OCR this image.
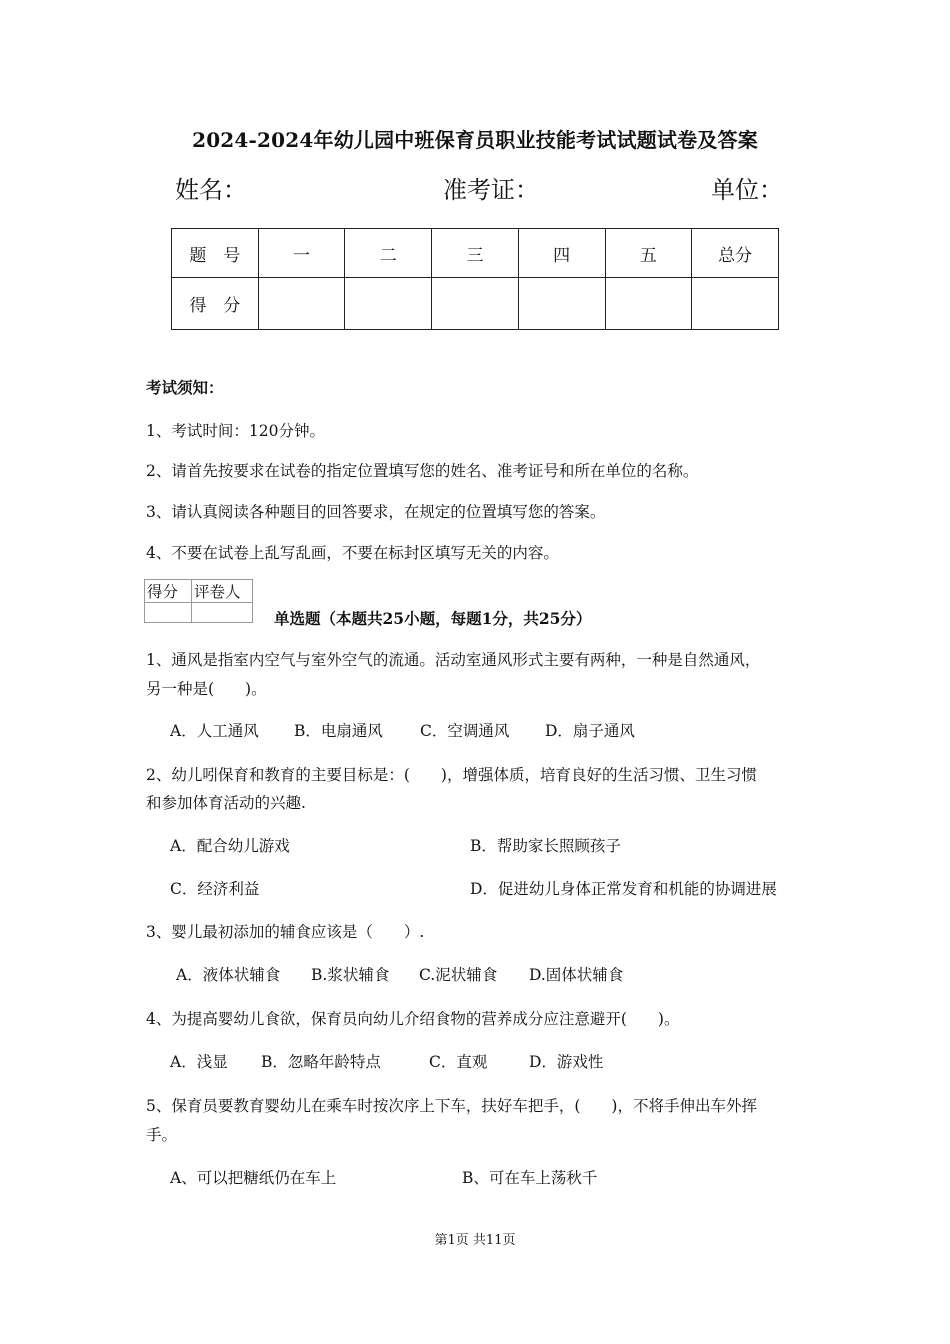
2024-2024年幼儿园中班保育员职业技能考试试题试卷及答案
姓名：	准考证：	单位：
题　号	一	二	三	四	五	总分
得　分						
考试须知：
1、考试时间：120分钟。
2、请首先按要求在试卷的指定位置填写您的姓名、准考证号和所在单位的名称。
3、请认真阅读各种题目的回答要求，在规定的位置填写您的答案。
4、不要在试卷上乱写乱画，不要在标封区填写无关的内容。
得分	评卷人

单选题（本题共25小题，每题1分，共25分）
1、通风是指室内空气与室外空气的流通。活动室通风形式主要有两种，一种是自然通风，
另一种是(　　)。
A．人工通风 B．电扇通风 C．空调通风 D．扇子通风
2、幼儿吲保育和教育的主要目标是：(　　)，增强体质，培育良好的生活习惯、卫生习惯
和参加体育活动的兴趣.
A．配合幼儿游戏	B．帮助家长照顾孩子
C．经济利益	D．促进幼儿身体正常发育和机能的协调进展
3、婴儿最初添加的辅食应该是（　　）.
A．液体状辅食 B.浆状辅食 C.泥状辅食 D.固体状辅食
4、为提高婴幼儿食欲，保育员向幼儿介绍食物的营养成分应注意避开(　　)。
A．浅显 B．忽略年龄特点	C．直观	D．游戏性
5、保育员要教育婴幼儿在乘车时按次序上下车，扶好车把手，(　　)，不将手伸出车外挥
手。
A、可以把糖纸仍在车上	B、可在车上荡秋千
第1页 共11页
